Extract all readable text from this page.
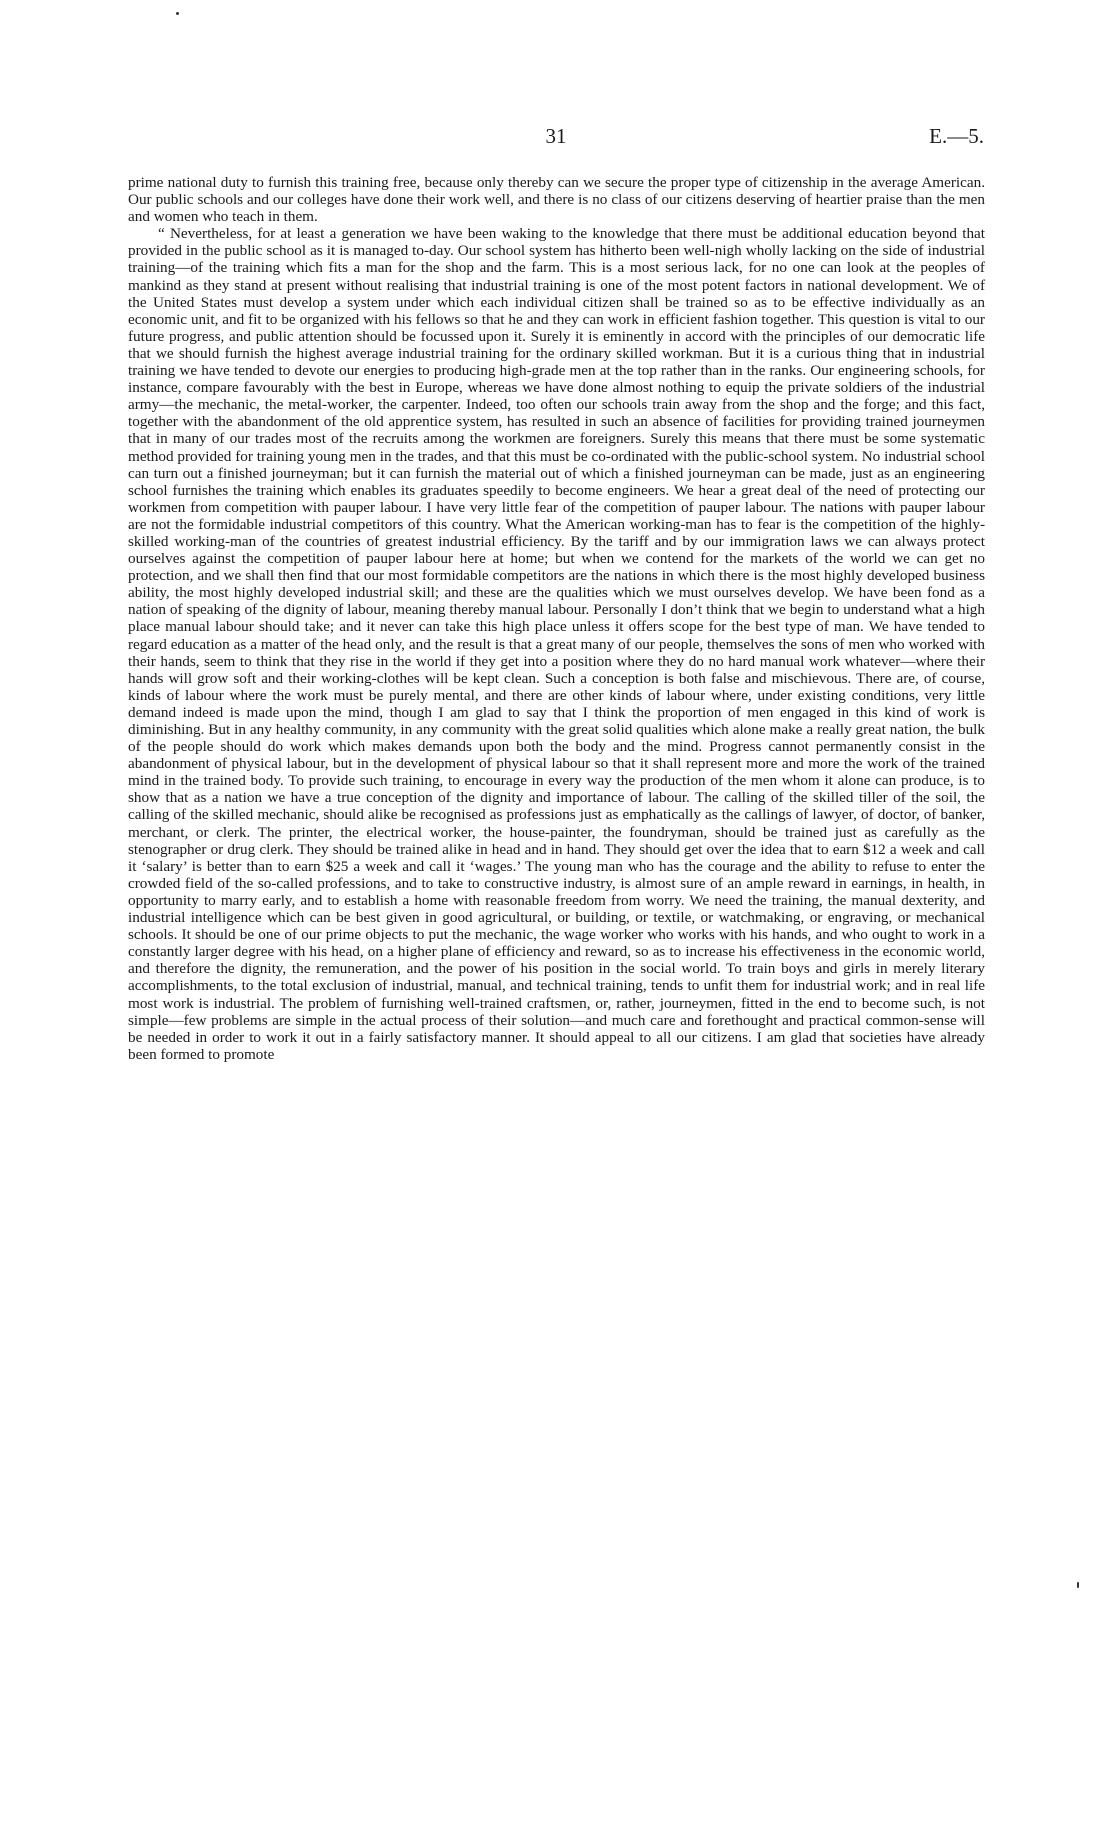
31	E.—5.

prime national duty to furnish this training free, because only thereby can we secure the proper type of citizenship in the average American. Our public schools and our colleges have done their work well, and there is no class of our citizens deserving of heartier praise than the men and women who teach in them.

“ Nevertheless, for at least a generation we have been waking to the knowledge that there must be additional education beyond that provided in the public school as it is managed to-day. Our school system has hitherto been well-nigh wholly lacking on the side of industrial training—of the training which fits a man for the shop and the farm. This is a most serious lack, for no one can look at the peoples of mankind as they stand at present without realising that industrial training is one of the most potent factors in national development. We of the United States must develop a system under which each individual citizen shall be trained so as to be effective individually as an economic unit, and fit to be organized with his fellows so that he and they can work in efficient fashion together. This question is vital to our future progress, and public attention should be focussed upon it. Surely it is eminently in accord with the principles of our democratic life that we should furnish the highest average industrial training for the ordinary skilled workman. But it is a curious thing that in industrial training we have tended to devote our energies to producing high-grade men at the top rather than in the ranks. Our engineering schools, for instance, compare favourably with the best in Europe, whereas we have done almost nothing to equip the private soldiers of the industrial army—the mechanic, the metal-worker, the carpenter. Indeed, too often our schools train away from the shop and the forge; and this fact, together with the abandonment of the old apprentice system, has resulted in such an absence of facilities for providing trained journeymen that in many of our trades most of the recruits among the workmen are foreigners. Surely this means that there must be some systematic method provided for training young men in the trades, and that this must be co-ordinated with the public-school system. No industrial school can turn out a finished journeyman; but it can furnish the material out of which a finished journeyman can be made, just as an engineering school furnishes the training which enables its graduates speedily to become engineers. We hear a great deal of the need of protecting our workmen from competition with pauper labour. I have very little fear of the competition of pauper labour. The nations with pauper labour are not the formidable industrial competitors of this country. What the American working-man has to fear is the competition of the highly-skilled working-man of the countries of greatest industrial efficiency. By the tariff and by our immigration laws we can always protect ourselves against the competition of pauper labour here at home; but when we contend for the markets of the world we can get no protection, and we shall then find that our most formidable competitors are the nations in which there is the most highly developed business ability, the most highly developed industrial skill; and these are the qualities which we must ourselves develop. We have been fond as a nation of speaking of the dignity of labour, meaning thereby manual labour. Personally I don’t think that we begin to understand what a high place manual labour should take; and it never can take this high place unless it offers scope for the best type of man. We have tended to regard education as a matter of the head only, and the result is that a great many of our people, themselves the sons of men who worked with their hands, seem to think that they rise in the world if they get into a position where they do no hard manual work whatever—where their hands will grow soft and their working-clothes will be kept clean. Such a conception is both false and mischievous. There are, of course, kinds of labour where the work must be purely mental, and there are other kinds of labour where, under existing conditions, very little demand indeed is made upon the mind, though I am glad to say that I think the proportion of men engaged in this kind of work is diminishing. But in any healthy community, in any community with the great solid qualities which alone make a really great nation, the bulk of the people should do work which makes demands upon both the body and the mind. Progress cannot permanently consist in the abandonment of physical labour, but in the development of physical labour so that it shall represent more and more the work of the trained mind in the trained body. To provide such training, to encourage in every way the production of the men whom it alone can produce, is to show that as a nation we have a true conception of the dignity and importance of labour. The calling of the skilled tiller of the soil, the calling of the skilled mechanic, should alike be recognised as professions just as emphatically as the callings of lawyer, of doctor, of banker, merchant, or clerk. The printer, the electrical worker, the house-painter, the foundryman, should be trained just as carefully as the stenographer or drug clerk. They should be trained alike in head and in hand. They should get over the idea that to earn $12 a week and call it ‘salary’ is better than to earn $25 a week and call it ‘wages.’ The young man who has the courage and the ability to refuse to enter the crowded field of the so-called professions, and to take to constructive industry, is almost sure of an ample reward in earnings, in health, in opportunity to marry early, and to establish a home with reasonable freedom from worry. We need the training, the manual dexterity, and industrial intelligence which can be best given in good agricultural, or building, or textile, or watchmaking, or engraving, or mechanical schools. It should be one of our prime objects to put the mechanic, the wage worker who works with his hands, and who ought to work in a constantly larger degree with his head, on a higher plane of efficiency and reward, so as to increase his effectiveness in the economic world, and therefore the dignity, the remuneration, and the power of his position in the social world. To train boys and girls in merely literary accomplishments, to the total exclusion of industrial, manual, and technical training, tends to unfit them for industrial work; and in real life most work is industrial. The problem of furnishing well-trained craftsmen, or, rather, journeymen, fitted in the end to become such, is not simple—few problems are simple in the actual process of their solution—and much care and forethought and practical common-sense will be needed in order to work it out in a fairly satisfactory manner. It should appeal to all our citizens. I am glad that societies have already been formed to promote
